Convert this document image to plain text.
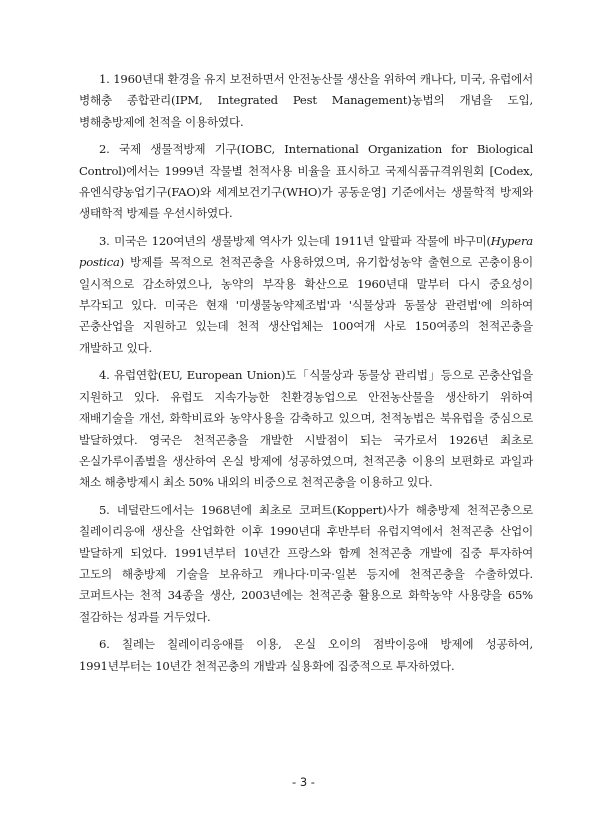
1. 1960년대 환경을 유지 보전하면서 안전농산물 생산을 위하여 캐나다, 미국, 유럽에서 병해충 종합관리(IPM, Integrated Pest Management)농법의 개념을 도입, 병해충방제에 천적을 이용하였다.

2. 국제 생물적방제 기구(IOBC, International Organization for Biological Control)에서는 1999년 작물별 천적사용 비율을 표시하고 국제식품규격위원회 [Codex, 유엔식량농업기구(FAO)와 세계보건기구(WHO)가 공동운영] 기준에서는 생물학적 방제와 생태학적 방제를 우선시하였다.

3. 미국은 120여년의 생물방제 역사가 있는데 1911년 알팔파 작물에 바구미(Hypera postica) 방제를 목적으로 천적곤충을 사용하였으며, 유기합성농약 출현으로 곤충이용이 일시적으로 감소하였으나, 농약의 부작용 확산으로 1960년대 말부터 다시 중요성이 부각되고 있다. 미국은 현재 '미생물농약제조법'과 '식물상과 동물상 관련법'에 의하여 곤충산업을 지원하고 있는데 천적 생산업체는 100여개 사로 150여종의 천적곤충을 개발하고 있다.

4. 유럽연합(EU, European Union)도「식물상과 동물상 관리법」등으로 곤충산업을 지원하고 있다. 유럽도 지속가능한 친환경농업으로 안전농산물을 생산하기 위하여 재배기술을 개선, 화학비료와 농약사용을 감축하고 있으며, 천적농법은 북유럽을 중심으로 발달하였다. 영국은 천적곤충을 개발한 시발점이 되는 국가로서 1926년 최초로 온실가루이좀벌을 생산하여 온실 방제에 성공하였으며, 천적곤충 이용의 보편화로 과일과 채소 해충방제시 최소 50% 내외의 비중으로 천적곤충을 이용하고 있다.

5. 네덜란드에서는 1968년에 최초로 코퍼트(Koppert)사가 해충방제 천적곤충으로 칠레이리응애 생산을 산업화한 이후 1990년대 후반부터 유럽지역에서 천적곤충 산업이 발달하게 되었다. 1991년부터 10년간 프랑스와 함께 천적곤충 개발에 집중 투자하여 고도의 해충방제 기술을 보유하고 캐나다·미국·일본 등지에 천적곤충을 수출하였다. 코퍼트사는 천적 34종을 생산, 2003년에는 천적곤충 활용으로 화학농약 사용량을 65% 절감하는 성과를 거두었다.

6. 칠레는 칠레이리응애를 이용, 온실 오이의 점박이응애 방제에 성공하여, 1991년부터는 10년간 천적곤충의 개발과 실용화에 집중적으로 투자하였다.

- 3 -
